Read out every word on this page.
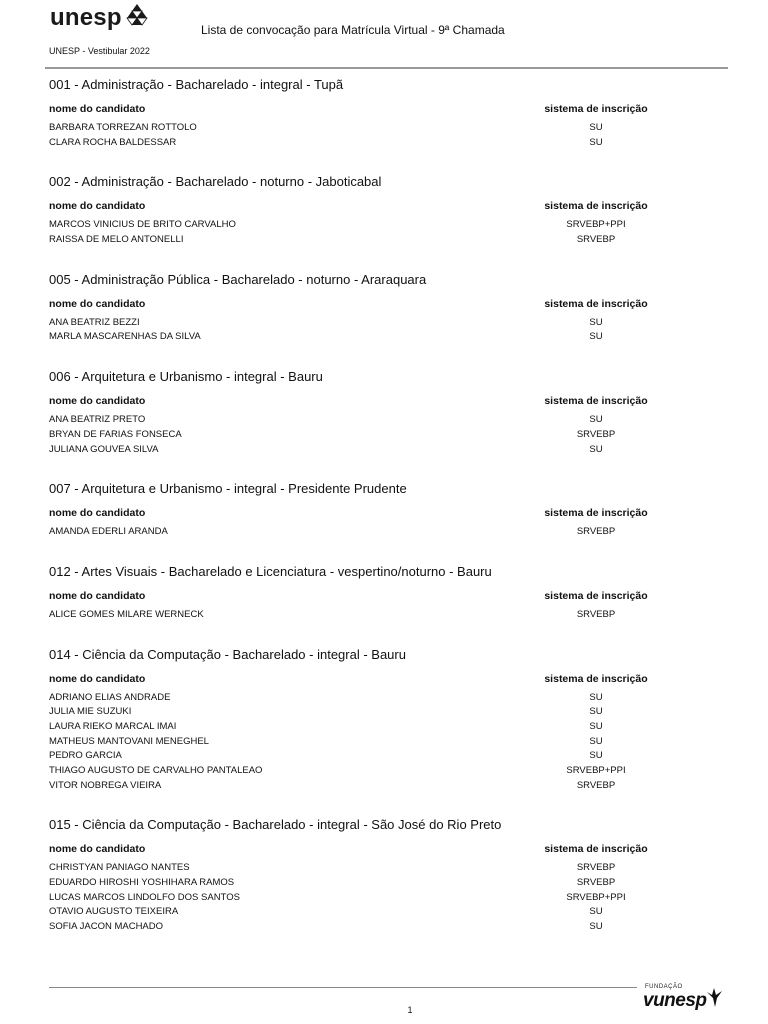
unesp
UNESP - Vestibular 2022
Lista de convocação para Matrícula Virtual - 9ª Chamada
001 - Administração - Bacharelado - integral - Tupã
nome do candidato	sistema de inscrição
BARBARA TORREZAN ROTTOLO	SU
CLARA ROCHA BALDESSAR	SU
002 - Administração - Bacharelado - noturno - Jaboticabal
nome do candidato	sistema de inscrição
MARCOS VINICIUS DE BRITO CARVALHO	SRVEBP+PPI
RAISSA DE MELO ANTONELLI	SRVEBP
005 - Administração Pública - Bacharelado - noturno - Araraquara
nome do candidato	sistema de inscrição
ANA BEATRIZ BEZZI	SU
MARLA MASCARENHAS DA SILVA	SU
006 - Arquitetura e Urbanismo - integral - Bauru
nome do candidato	sistema de inscrição
ANA BEATRIZ PRETO	SU
BRYAN DE FARIAS FONSECA	SRVEBP
JULIANA GOUVEA SILVA	SU
007 - Arquitetura e Urbanismo - integral - Presidente Prudente
nome do candidato	sistema de inscrição
AMANDA EDERLI ARANDA	SRVEBP
012 - Artes Visuais - Bacharelado e Licenciatura - vespertino/noturno - Bauru
nome do candidato	sistema de inscrição
ALICE GOMES MILARE WERNECK	SRVEBP
014 - Ciência da Computação - Bacharelado - integral - Bauru
nome do candidato	sistema de inscrição
ADRIANO ELIAS ANDRADE	SU
JULIA MIE SUZUKI	SU
LAURA RIEKO MARCAL IMAI	SU
MATHEUS MANTOVANI MENEGHEL	SU
PEDRO GARCIA	SU
THIAGO AUGUSTO DE CARVALHO PANTALEAO	SRVEBP+PPI
VITOR NOBREGA VIEIRA	SRVEBP
015 - Ciência da Computação - Bacharelado - integral - São José do Rio Preto
nome do candidato	sistema de inscrição
CHRISTYAN PANIAGO NANTES	SRVEBP
EDUARDO HIROSHI YOSHIHARA RAMOS	SRVEBP
LUCAS MARCOS LINDOLFO DOS SANTOS	SRVEBP+PPI
OTAVIO AUGUSTO TEIXEIRA	SU
SOFIA JACON MACHADO	SU
1
FUNDAÇÃO
vunesp
